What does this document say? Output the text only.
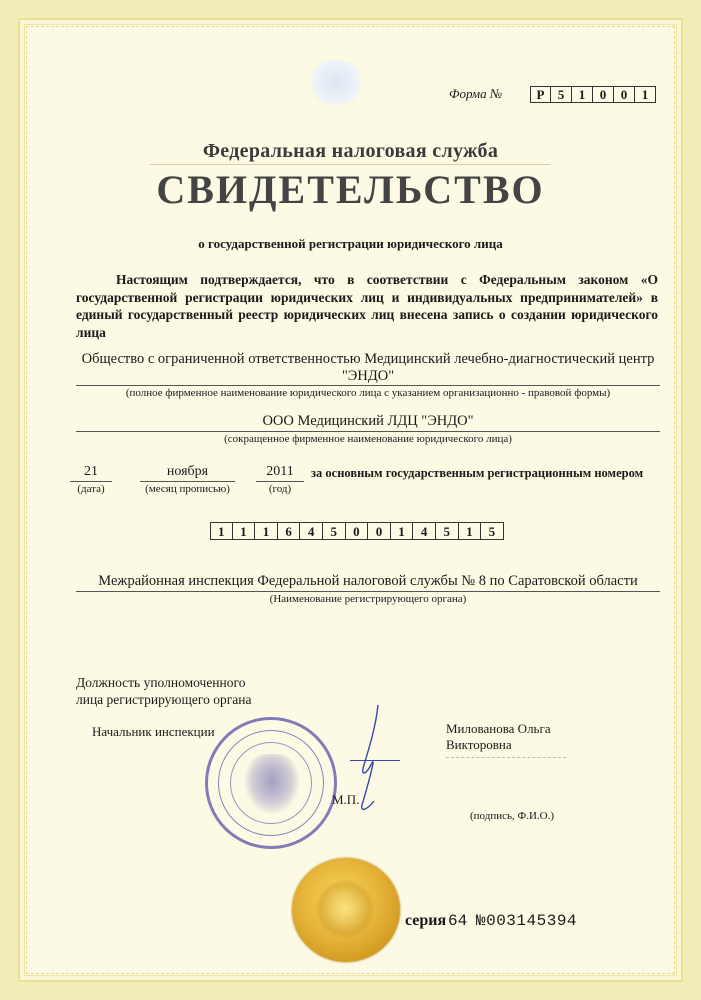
Форма №	Р	5	1	0	0	1
Федеральная налоговая служба
СВИДЕТЕЛЬСТВО
о государственной регистрации юридического лица
Настоящим подтверждается, что в соответствии с Федеральным законом «О государственной регистрации юридических лиц и индивидуальных предпринимателей» в единый государственный реестр юридических лиц внесена запись о создании юридического лица
Общество с ограниченной ответственностью Медицинский лечебно-диагностический центр
"ЭНДО"
(полное фирменное наименование юридического лица с указанием организационно - правовой формы)
ООО Медицинский ЛДЦ "ЭНДО"
(сокращенное фирменное наименование юридического лица)
21
(дата)
ноября
(месяц прописью)
2011
(год)
за основным государственным регистрационным номером
1	1	1	6	4	5	0	0	1	4	5	1	5
Межрайонная инспекция Федеральной налоговой службы № 8 по Саратовской области
(Наименование регистрирующего органа)
Должность уполномоченного
лица регистрирующего органа
Начальник инспекции	Милованова Ольга
Викторовна
М.П.
(подпись, Ф.И.О.)
серия 64 №003145394
